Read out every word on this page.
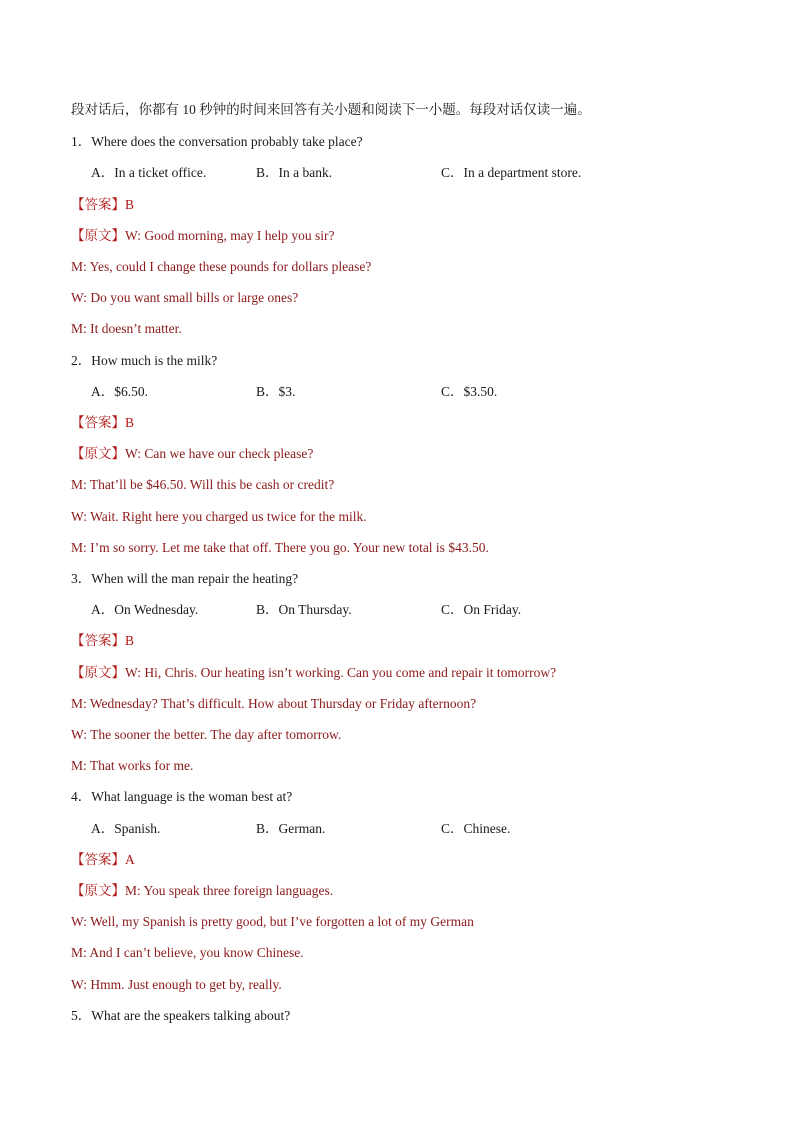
段对话后，你都有 10 秒钟的时间来回答有关小题和阅读下一小题。每段对话仅读一遍。
1．Where does the conversation probably take place?
A．In a ticket office.	B．In a bank.	C．In a department store.
【答案】B
【原文】W: Good morning, may I help you sir?
M: Yes, could I change these pounds for dollars please?
W: Do you want small bills or large ones?
M: It doesn’t matter.
2．How much is the milk?
A．$6.50.	B．$3.	C．$3.50.
【答案】B
【原文】W: Can we have our check please?
M: That’ll be $46.50. Will this be cash or credit?
W: Wait. Right here you charged us twice for the milk.
M: I’m so sorry. Let me take that off. There you go. Your new total is $43.50.
3．When will the man repair the heating?
A．On Wednesday.	B．On Thursday.	C．On Friday.
【答案】B
【原文】W: Hi, Chris. Our heating isn’t working. Can you come and repair it tomorrow?
M: Wednesday? That’s difficult. How about Thursday or Friday afternoon?
W: The sooner the better. The day after tomorrow.
M: That works for me.
4．What language is the woman best at?
A．Spanish.	B．German.	C．Chinese.
【答案】A
【原文】M: You speak three foreign languages.
W: Well, my Spanish is pretty good, but I’ve forgotten a lot of my German
M: And I can’t believe, you know Chinese.
W: Hmm. Just enough to get by, really.
5．What are the speakers talking about?
